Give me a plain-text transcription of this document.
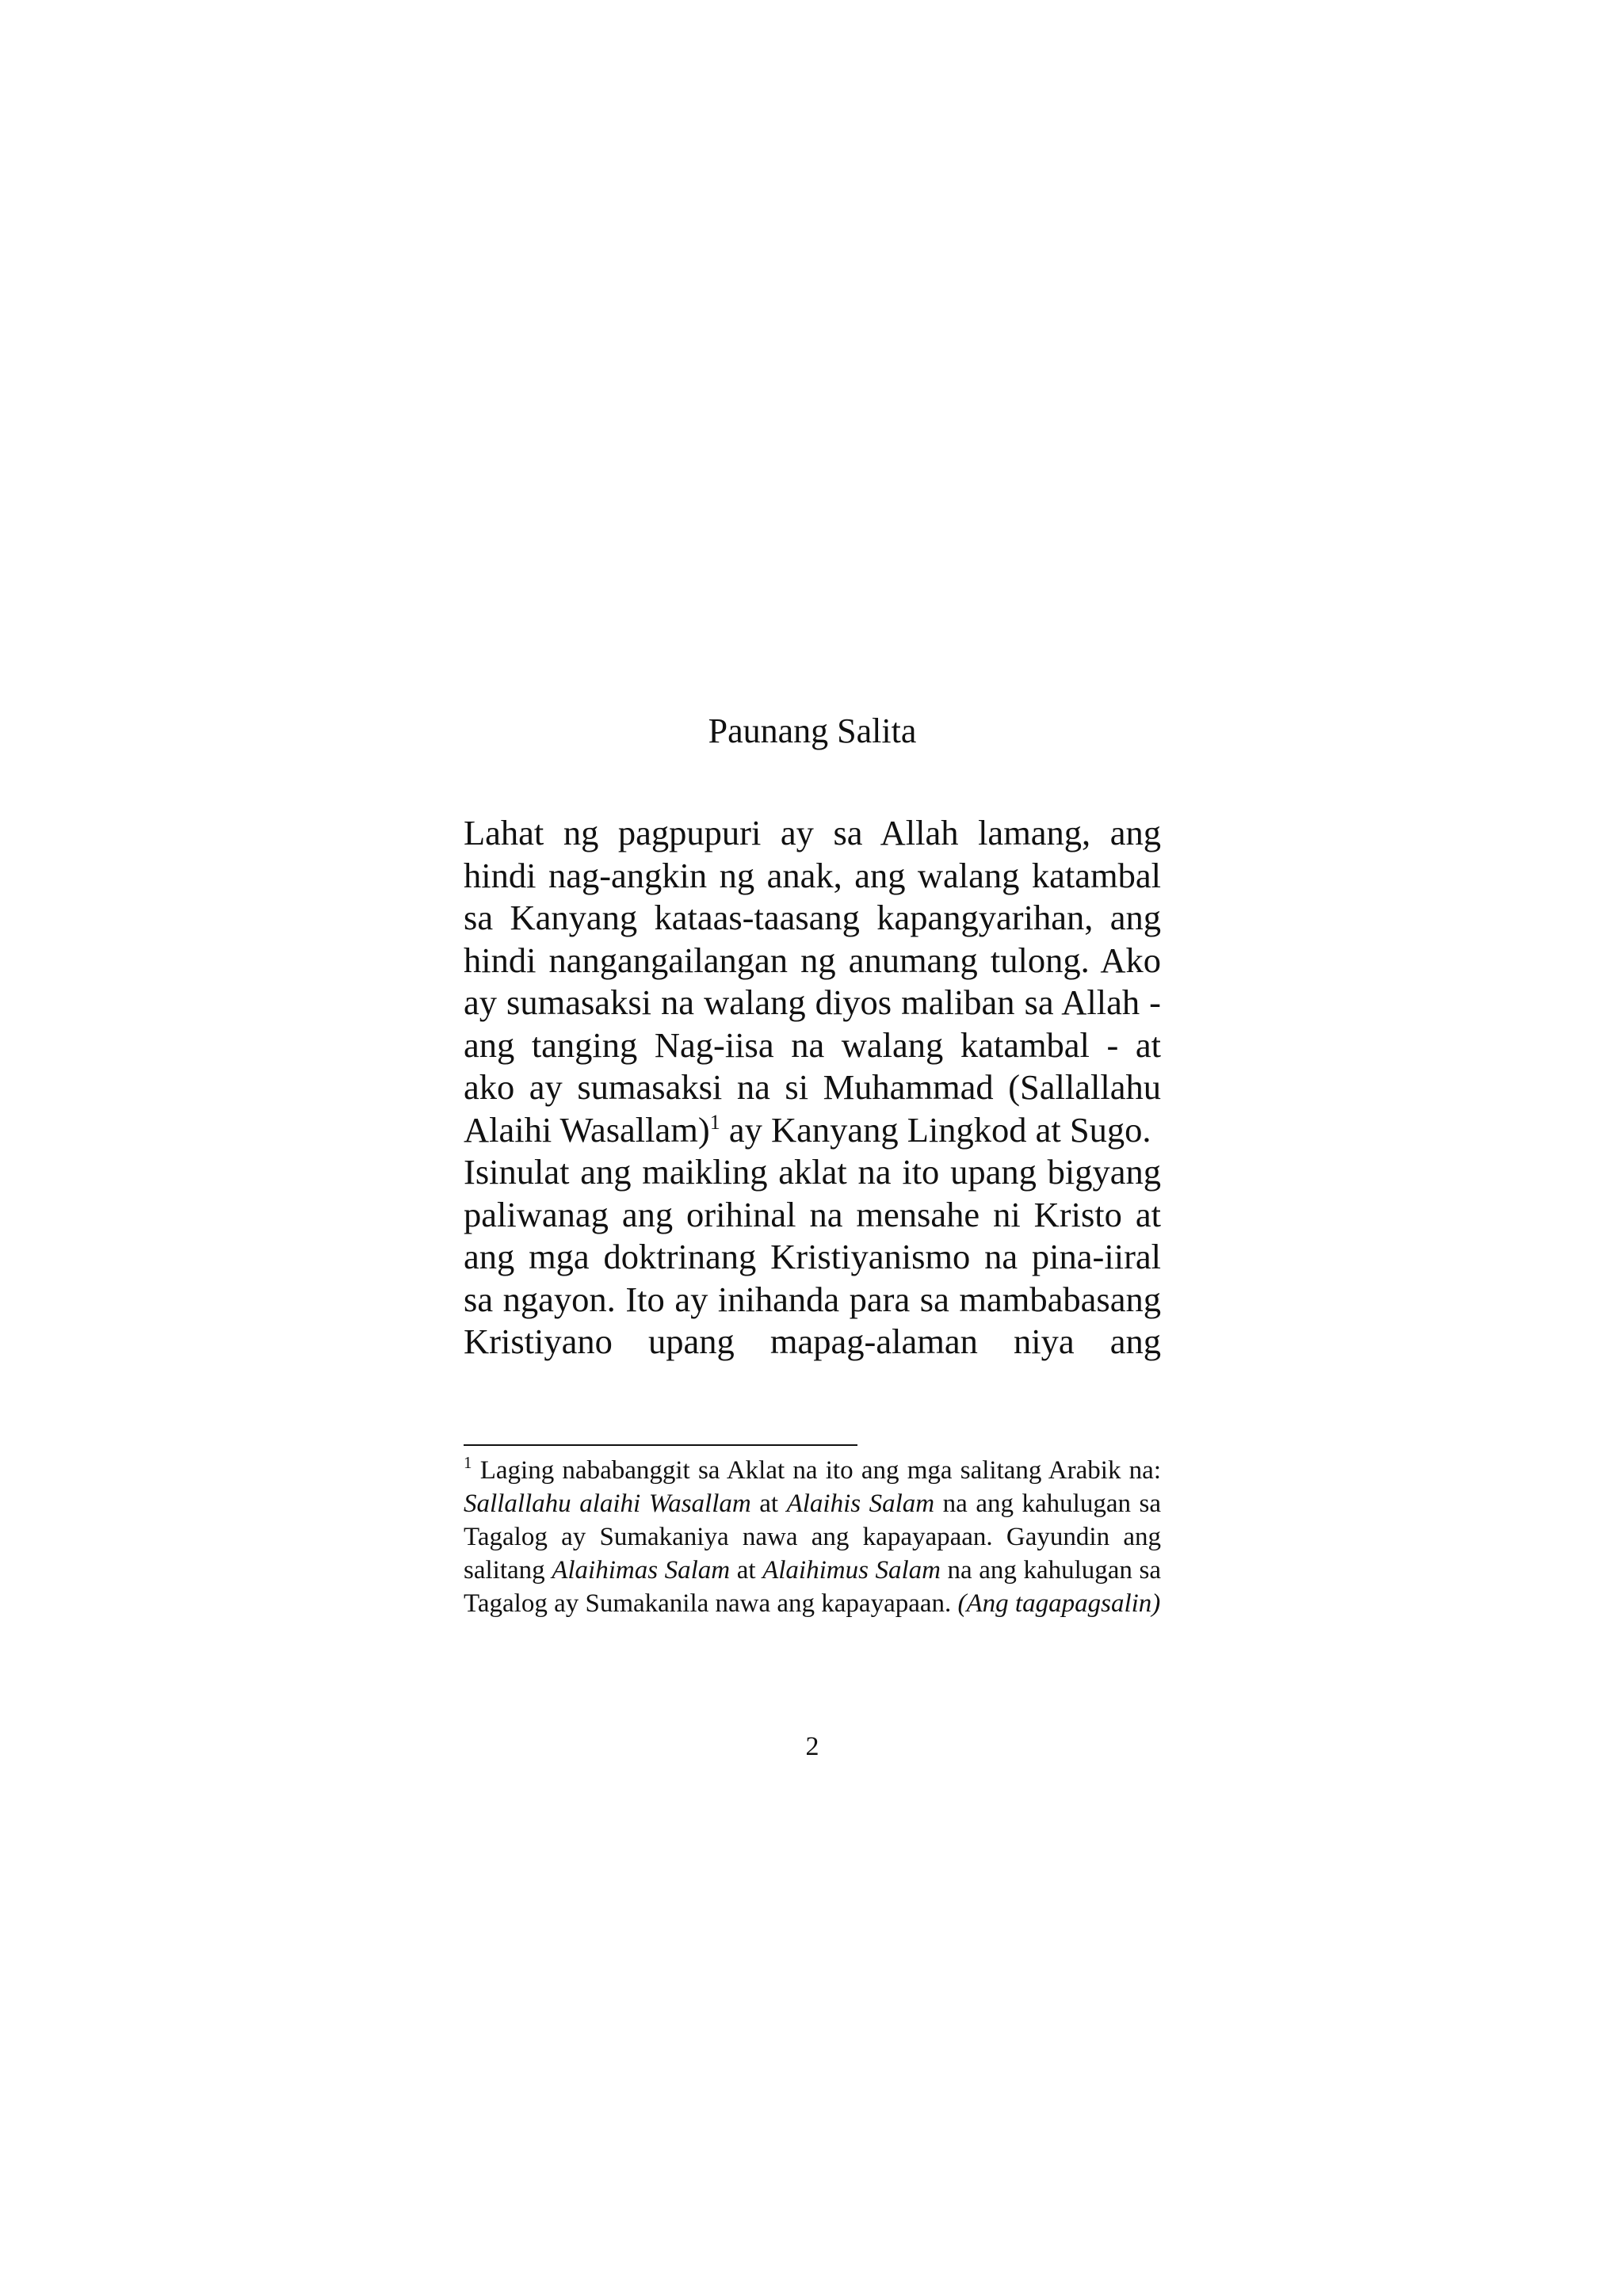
Paunang Salita

Lahat ng pagpupuri ay sa Allah lamang, ang hindi nag-angkin ng anak, ang walang katambal sa Kanyang kataas-taasang kapangyarihan, ang hindi nangangailangan ng anumang tulong. Ako ay sumasaksi na walang diyos maliban sa Allah - ang tanging Nag-iisa na walang katambal - at ako ay sumasaksi na si Muhammad (Sallallahu Alaihi Wasallam)$^1$ ay Kanyang Lingkod at Sugo.

Isinulat ang maikling aklat na ito upang bigyang paliwanag ang orihinal na mensahe ni Kristo at ang mga doktrinang Kristiyanismo na pina-iiral sa ngayon. Ito ay inihanda para sa mambabasang Kristiyano upang mapag-alaman niya ang

$^1$ Laging nababanggit sa Aklat na ito ang mga salitang Arabik na: Sallallahu alaihi Wasallam at Alaihis Salam na ang kahulugan sa Tagalog ay Sumakaniya nawa ang kapayapaan. Gayundin ang salitang Alaihimas Salam at Alaihimus Salam na ang kahulugan sa Tagalog ay Sumakanila nawa ang kapayapaan. (Ang tagapagsalin)

2
